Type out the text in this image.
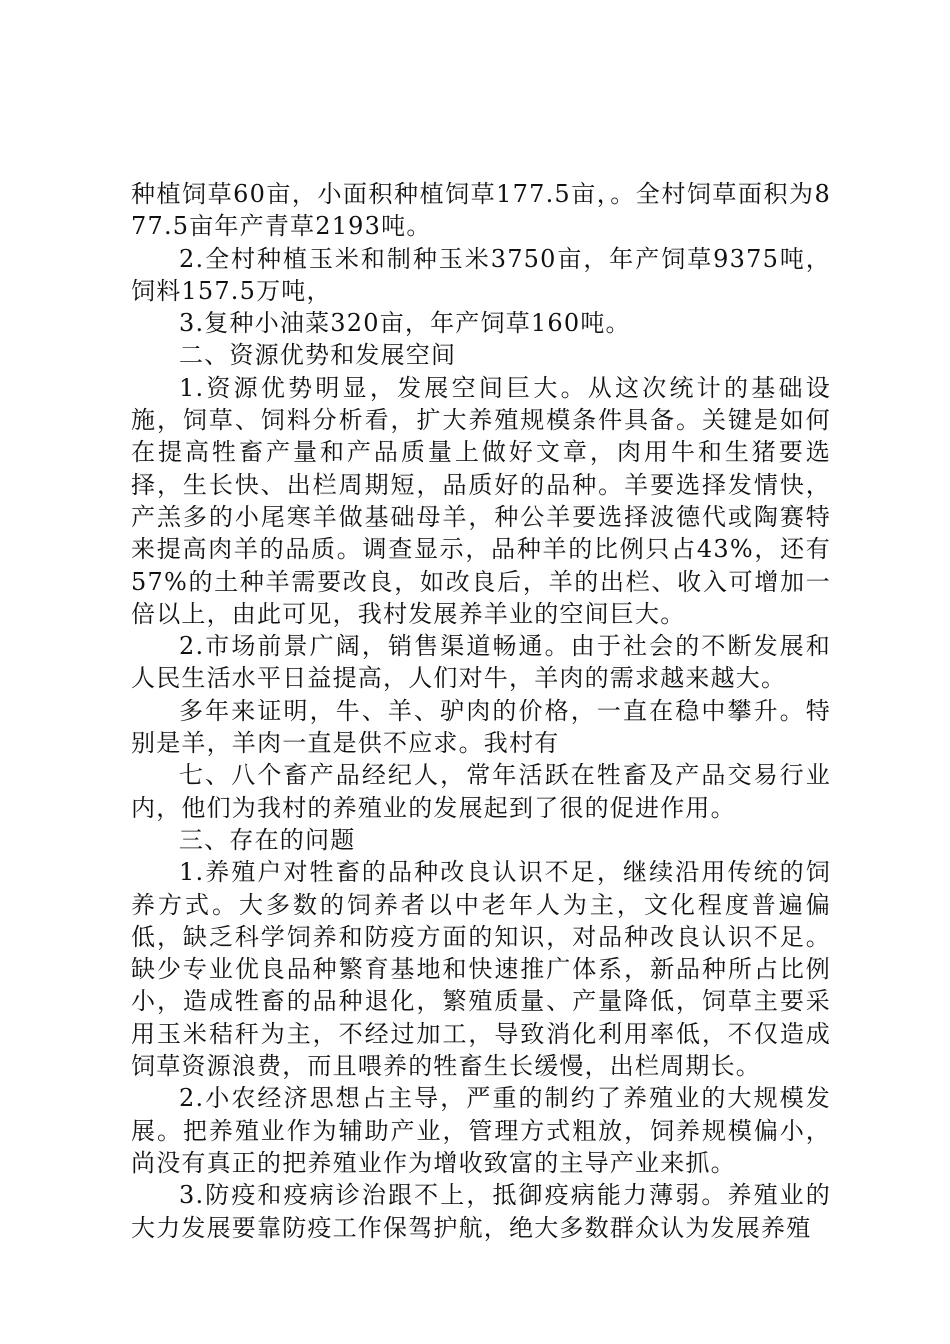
种植饲草60亩，小面积种植饲草177.5亩，。全村饲草面积为877.5亩年产青草2193吨。

2.全村种植玉米和制种玉米3750亩，年产饲草9375吨，饲料157.5万吨，

3.复种小油菜320亩，年产饲草160吨。

二、资源优势和发展空间

1.资源优势明显，发展空间巨大。从这次统计的基础设施，饲草、饲料分析看，扩大养殖规模条件具备。关键是如何在提高牲畜产量和产品质量上做好文章，肉用牛和生猪要选择，生长快、出栏周期短，品质好的品种。羊要选择发情快，产羔多的小尾寒羊做基础母羊，种公羊要选择波德代或陶赛特来提高肉羊的品质。调查显示，品种羊的比例只占43%，还有57%的土种羊需要改良，如改良后，羊的出栏、收入可增加一倍以上，由此可见，我村发展养羊业的空间巨大。

2.市场前景广阔，销售渠道畅通。由于社会的不断发展和人民生活水平日益提高，人们对牛，羊肉的需求越来越大。

多年来证明，牛、羊、驴肉的价格，一直在稳中攀升。特别是羊，羊肉一直是供不应求。我村有

七、八个畜产品经纪人，常年活跃在牲畜及产品交易行业内，他们为我村的养殖业的发展起到了很的促进作用。

三、存在的问题

1.养殖户对牲畜的品种改良认识不足，继续沿用传统的饲养方式。大多数的饲养者以中老年人为主，文化程度普遍偏低，缺乏科学饲养和防疫方面的知识，对品种改良认识不足。缺少专业优良品种繁育基地和快速推广体系，新品种所占比例小，造成牲畜的品种退化，繁殖质量、产量降低，饲草主要采用玉米秸秆为主，不经过加工，导致消化利用率低，不仅造成饲草资源浪费，而且喂养的牲畜生长缓慢，出栏周期长。

2.小农经济思想占主导，严重的制约了养殖业的大规模发展。把养殖业作为辅助产业，管理方式粗放，饲养规模偏小，尚没有真正的把养殖业作为增收致富的主导产业来抓。

3.防疫和疫病诊治跟不上，抵御疫病能力薄弱。养殖业的大力发展要靠防疫工作保驾护航，绝大多数群众认为发展养殖
